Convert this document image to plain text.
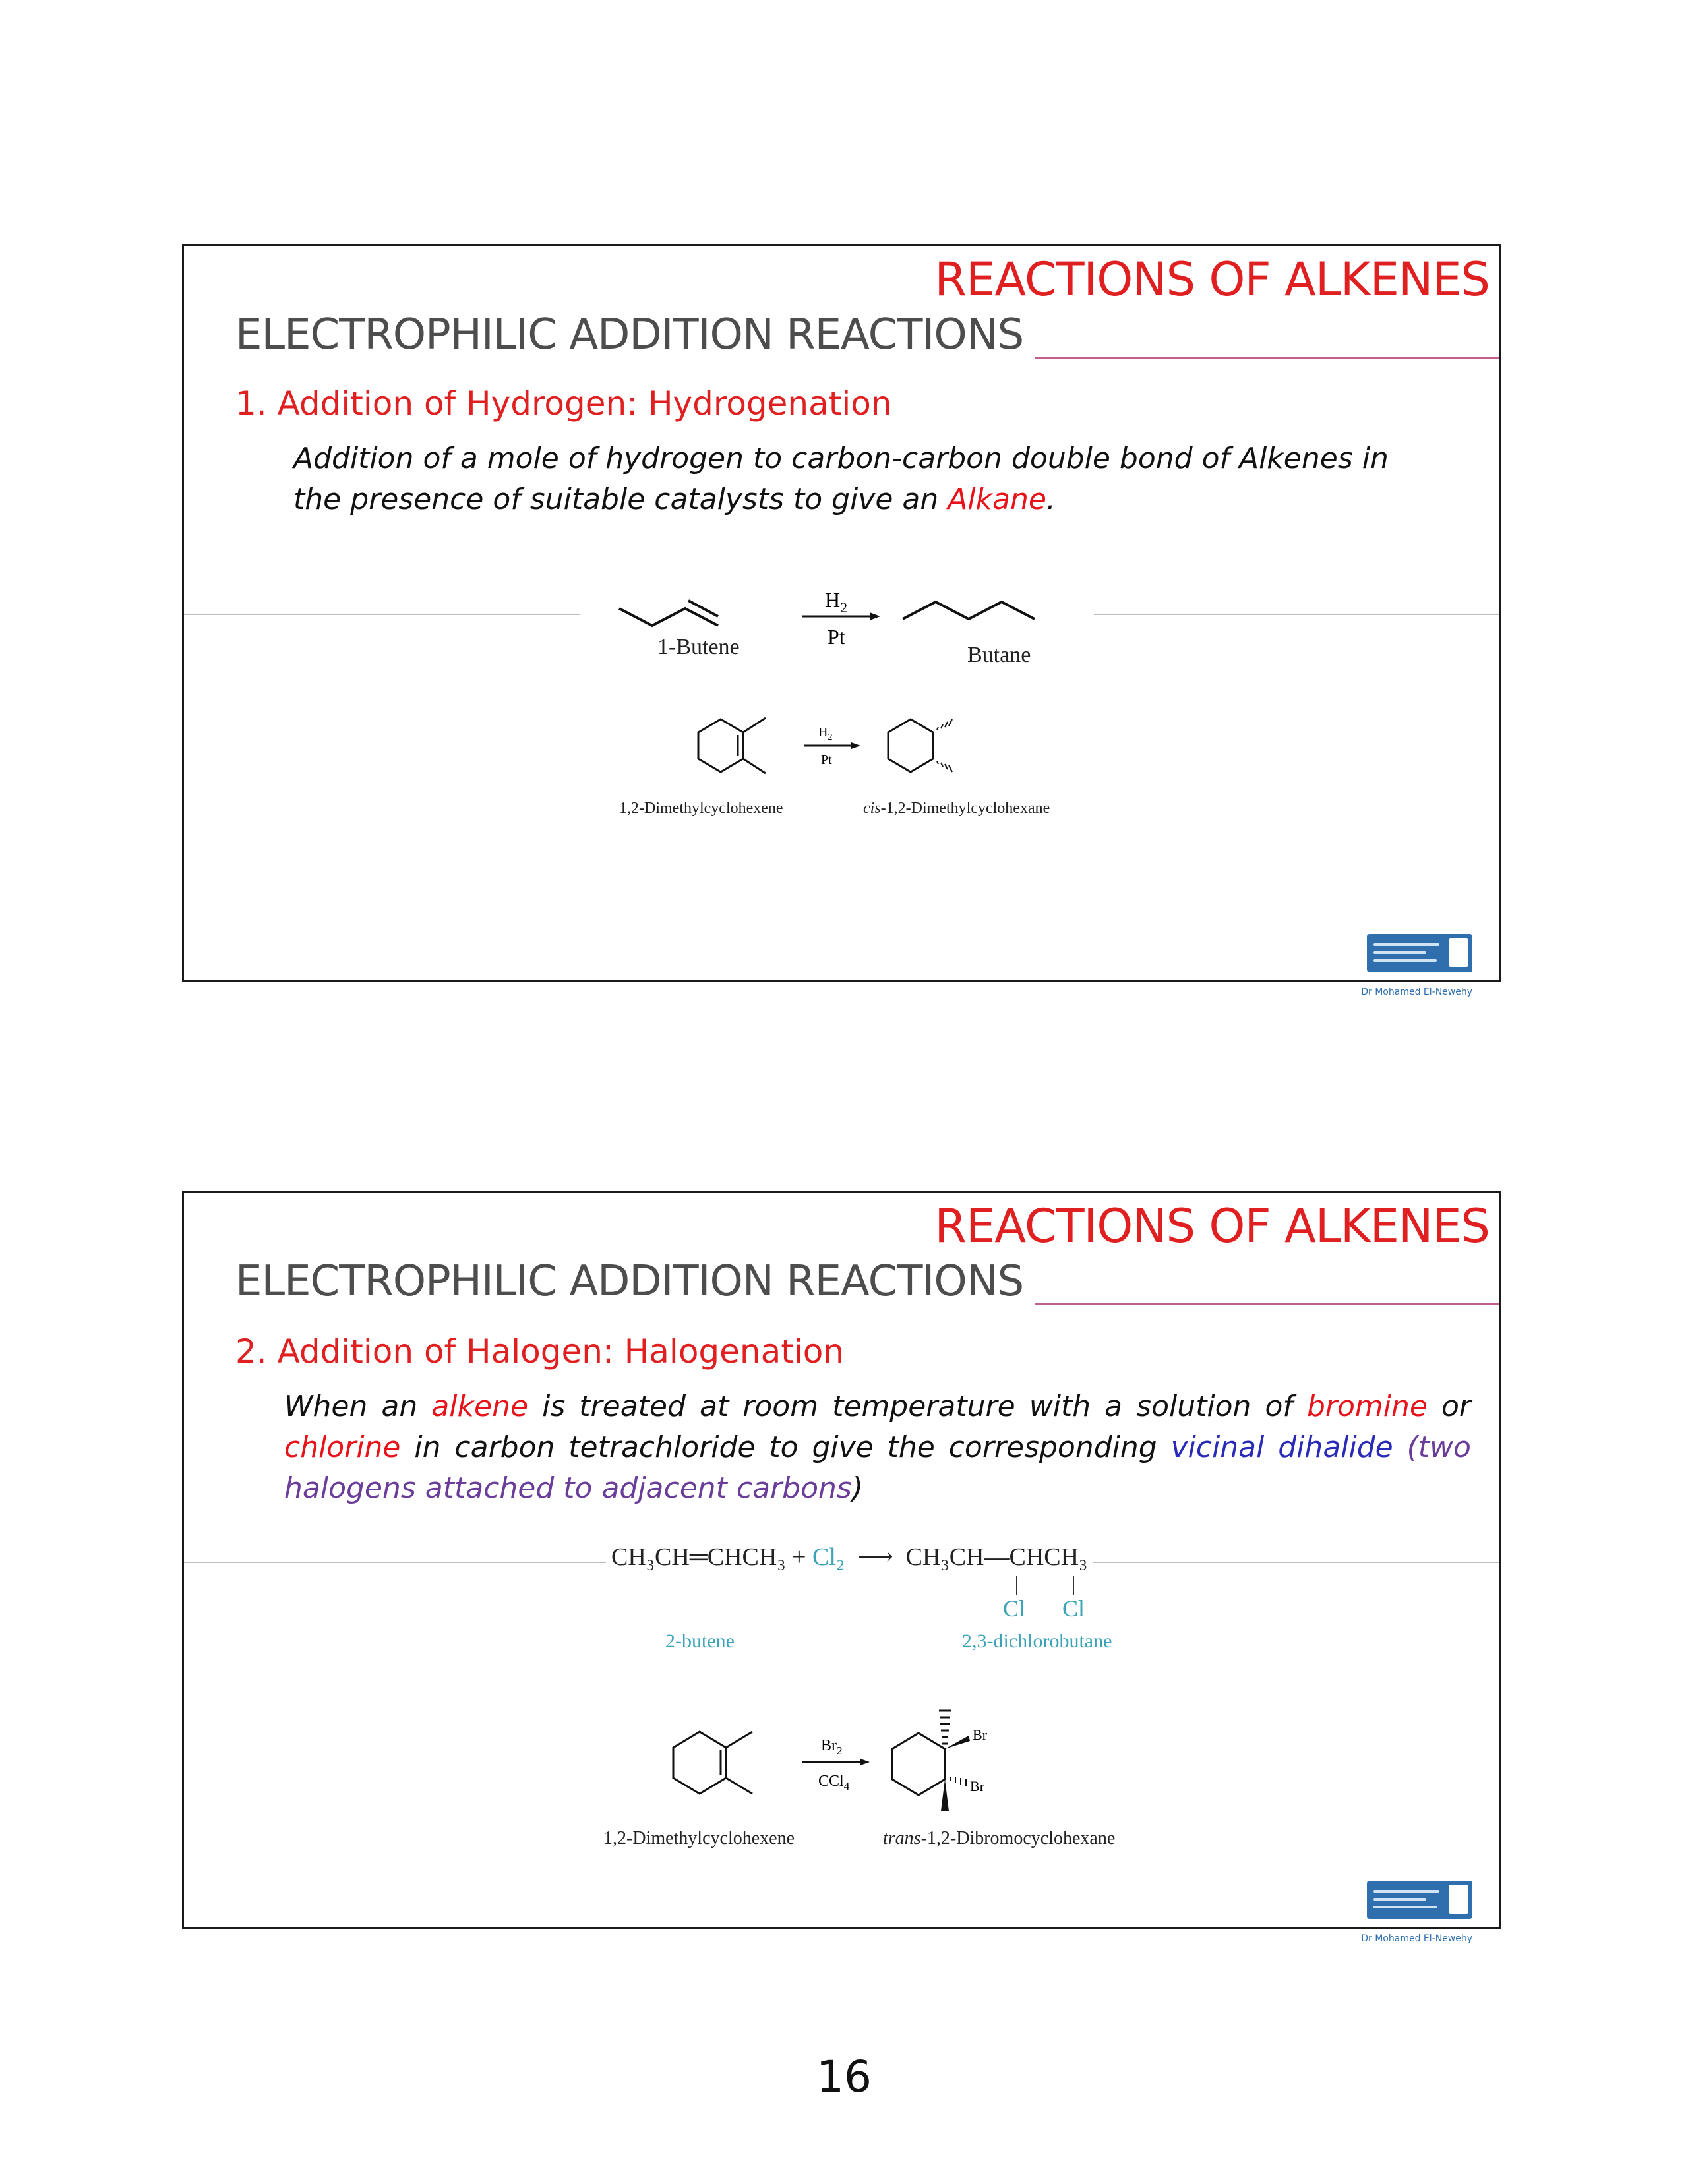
REACTIONS OF ALKENES
ELECTROPHILIC ADDITION REACTIONS
1. Addition of Hydrogen: Hydrogenation
Addition of a mole of hydrogen to carbon-carbon double bond of Alkenes in the presence of suitable catalysts to give an Alkane.
$H_2$
Pt
1-Butene	Butane
$H_2$
Pt
1,2-Dimethylcyclohexene	cis-1,2-Dimethylcyclohexane
Dr Mohamed El-Newehy
REACTIONS OF ALKENES
ELECTROPHILIC ADDITION REACTIONS
2. Addition of Halogen: Halogenation
When an alkene is treated at room temperature with a solution of bromine or chlorine in carbon tetrachloride to give the corresponding vicinal dihalide (two halogens attached to adjacent carbons)
CH₃CH═CHCH₃ + Cl₂  ⟶  CH₃CH—CHCH₃
Cl Cl
2-butene	2,3-dichlorobutane
$Br_2$
CCl$_4$
Br
Br
1,2-Dimethylcyclohexene	trans-1,2-Dibromocyclohexane
Dr Mohamed El-Newehy
16
